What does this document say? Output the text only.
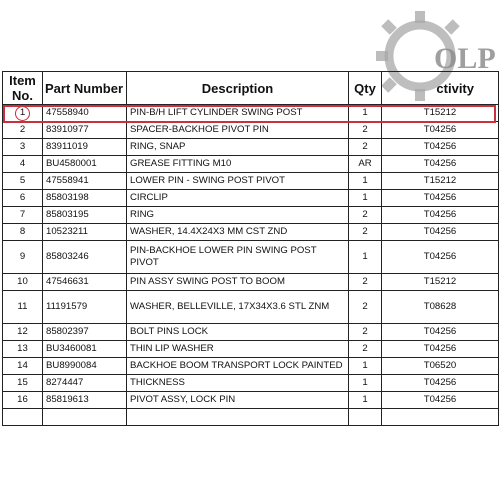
OLP
Item No.	Part Number	Description	Qty	ctivity

1	47558940	PIN-B/H LIFT CYLINDER SWING POST	1	T15212
2	83910977	SPACER-BACKHOE PIVOT PIN	2	T04256
3	83911019	RING, SNAP	2	T04256
4	BU4580001	GREASE FITTING M10	AR	T04256
5	47558941	LOWER PIN - SWING POST PIVOT	1	T15212
6	85803198	CIRCLIP	1	T04256
7	85803195	RING	2	T04256
8	10523211	WASHER, 14.4X24X3 MM CST ZND	2	T04256
9	85803246	PIN-BACKHOE LOWER PIN SWING POST PIVOT	1	T04256
10	47546631	PIN ASSY SWING POST TO BOOM	2	T15212
11	11191579	WASHER, BELLEVILLE, 17X34X3.6 STL ZNM	2	T08628
12	85802397	BOLT PINS LOCK	2	T04256
13	BU3460081	THIN LIP WASHER	2	T04256
14	BU8990084	BACKHOE BOOM TRANSPORT LOCK PAINTED	1	T06520
15	8274447	THICKNESS	1	T04256
16	85819613	PIVOT ASSY, LOCK PIN	1	T04256
